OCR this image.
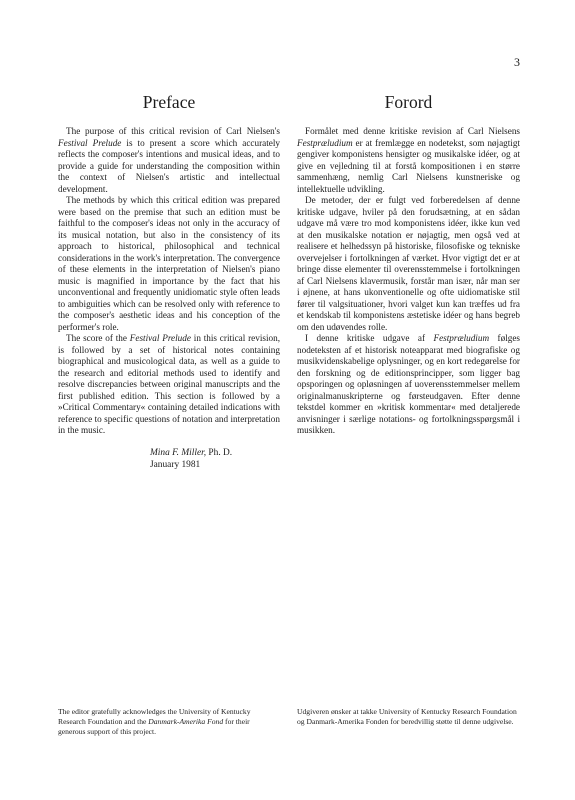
3
Preface

The purpose of this critical revision of Carl Nielsen's Festival Prelude is to present a score which accurately reflects the composer's intentions and musical ideas, and to provide a guide for understanding the composition within the context of Nielsen's artistic and intellectual development.

The methods by which this critical edition was prepared were based on the premise that such an edition must be faithful to the composer's ideas not only in the accuracy of its musical notation, but also in the consistency of its approach to historical, philosophical and technical considerations in the work's interpretation. The convergence of these elements in the interpretation of Nielsen's piano music is magnified in importance by the fact that his unconventional and frequently unidiomatic style often leads to ambiguities which can be resolved only with reference to the composer's aesthetic ideas and his conception of the performer's role.

The score of the Festival Prelude in this critical revision, is followed by a set of historical notes containing biographical and musicological data, as well as a guide to the research and editorial methods used to identify and resolve discrepancies between original manuscripts and the first published edition. This section is followed by a »Critical Commentary« containing detailed indications with reference to specific questions of notation and interpretation in the music.

Mina F. Miller, Ph. D.
January 1981
Forord

Formålet med denne kritiske revision af Carl Nielsens Festpræludium er at fremlægge en nodetekst, som nøjagtigt gengiver komponistens hensigter og musikalske idéer, og at give en vejledning til at forstå kompositionen i en større sammenhæng, nemlig Carl Nielsens kunstneriske og intellektuelle udvikling.

De metoder, der er fulgt ved forberedelsen af denne kritiske udgave, hviler på den forudsætning, at en sådan udgave må være tro mod komponistens idéer, ikke kun ved at den musikalske notation er nøjagtig, men også ved at realisere et helhedssyn på historiske, filosofiske og tekniske overvejelser i fortolkningen af værket. Hvor vigtigt det er at bringe disse elementer til overensstemmelse i fortolkningen af Carl Nielsens klavermusik, forstår man især, når man ser i øjnene, at hans ukonventionelle og ofte uidiomatiske stil fører til valgsituationer, hvori valget kun kan træffes ud fra et kendskab til komponistens æstetiske idéer og hans begreb om den udøvendes rolle.

I denne kritiske udgave af Festpræludium følges nodeteksten af et historisk noteapparat med biografiske og musikvidenskabelige oplysninger, og en kort redegørelse for den forskning og de editionsprincipper, som ligger bag opsporingen og opløsningen af uoverensstemmelser mellem originalmanuskripterne og førsteudgaven. Efter denne tekstdel kommer en »kritisk kommentar« med detaljerede anvisninger i særlige notations- og fortolkningsspørgsmål i musikken.

The editor gratefully acknowledges the University of Kentucky Research Foundation and the Danmark-Amerika Fond for their generous support of this project.

Udgiveren ønsker at takke University of Kentucky Research Foundation og Danmark-Amerika Fonden for beredvillig støtte til denne udgivelse.
